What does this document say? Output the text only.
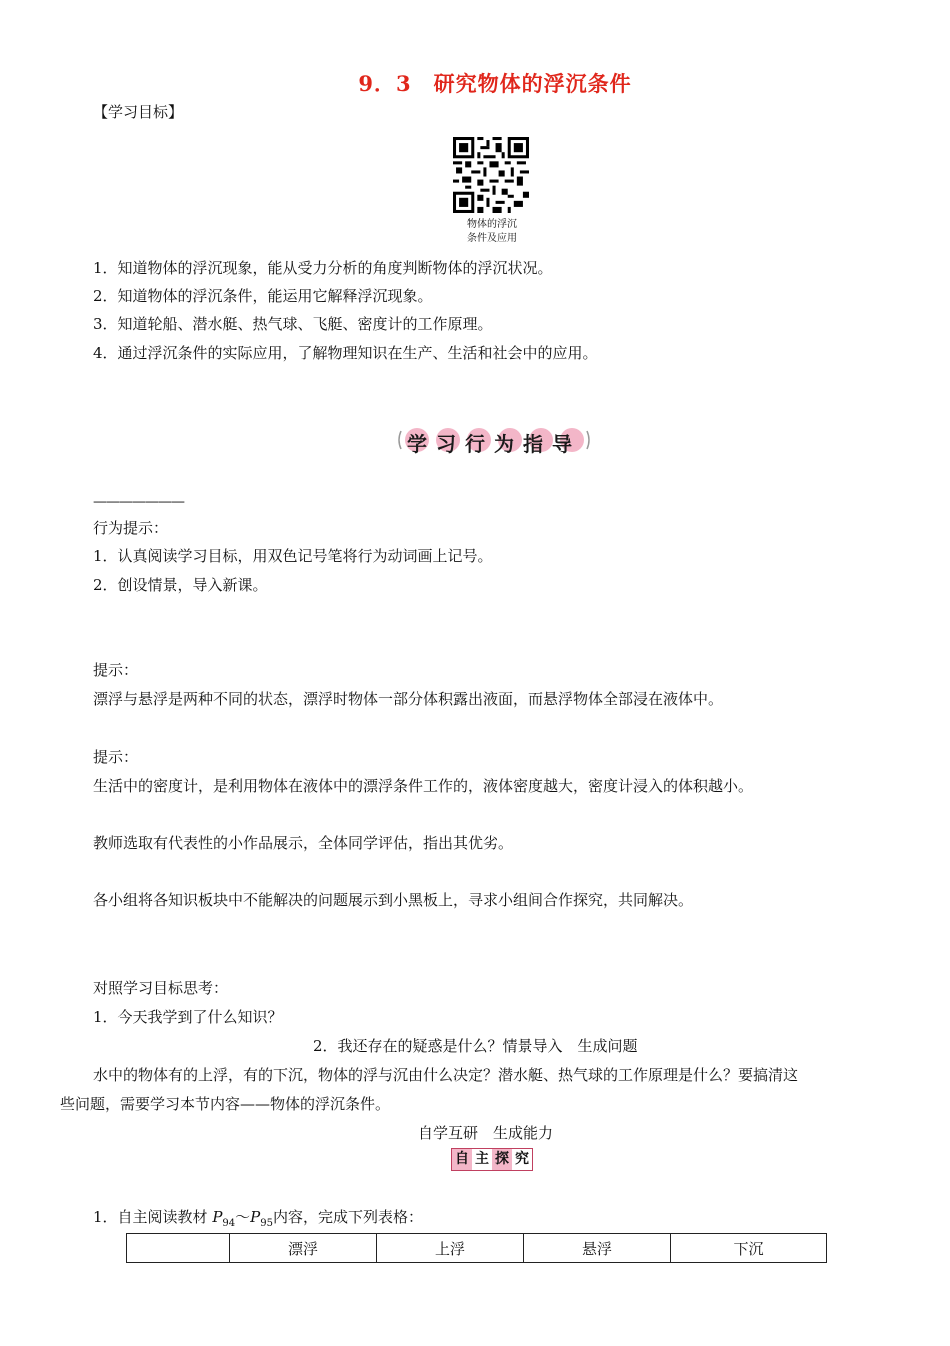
9．3　研究物体的浮沉条件
【学习目标】
物体的浮沉
条件及应用
1．知道物体的浮沉现象，能从受力分析的角度判断物体的浮沉状况。
2．知道物体的浮沉条件，能运用它解释浮沉现象。
3．知道轮船、潜水艇、热气球、飞艇、密度计的工作原理。
4．通过浮沉条件的实际应用，了解物理知识在生产、生活和社会中的应用。
学习行为指导
———————
行为提示：
1．认真阅读学习目标，用双色记号笔将行为动词画上记号。
2．创设情景，导入新课。
提示：
漂浮与悬浮是两种不同的状态，漂浮时物体一部分体积露出液面，而悬浮物体全部浸在液体中。
提示：
生活中的密度计，是利用物体在液体中的漂浮条件工作的，液体密度越大，密度计浸入的体积越小。
教师选取有代表性的小作品展示，全体同学评估，指出其优劣。
各小组将各知识板块中不能解决的问题展示到小黑板上，寻求小组间合作探究，共同解决。
对照学习目标思考：
1．今天我学到了什么知识？
2．我还存在的疑惑是什么？情景导入　生成问题
水中的物体有的上浮，有的下沉，物体的浮与沉由什么决定？潜水艇、热气球的工作原理是什么？要搞清这
些问题，需要学习本节内容——物体的浮沉条件。
自学互研　生成能力
自 主 探 究
1．自主阅读教材 $P_{94}\sim P_{95}$内容，完成下列表格：
	漂浮	上浮	悬浮	下沉
